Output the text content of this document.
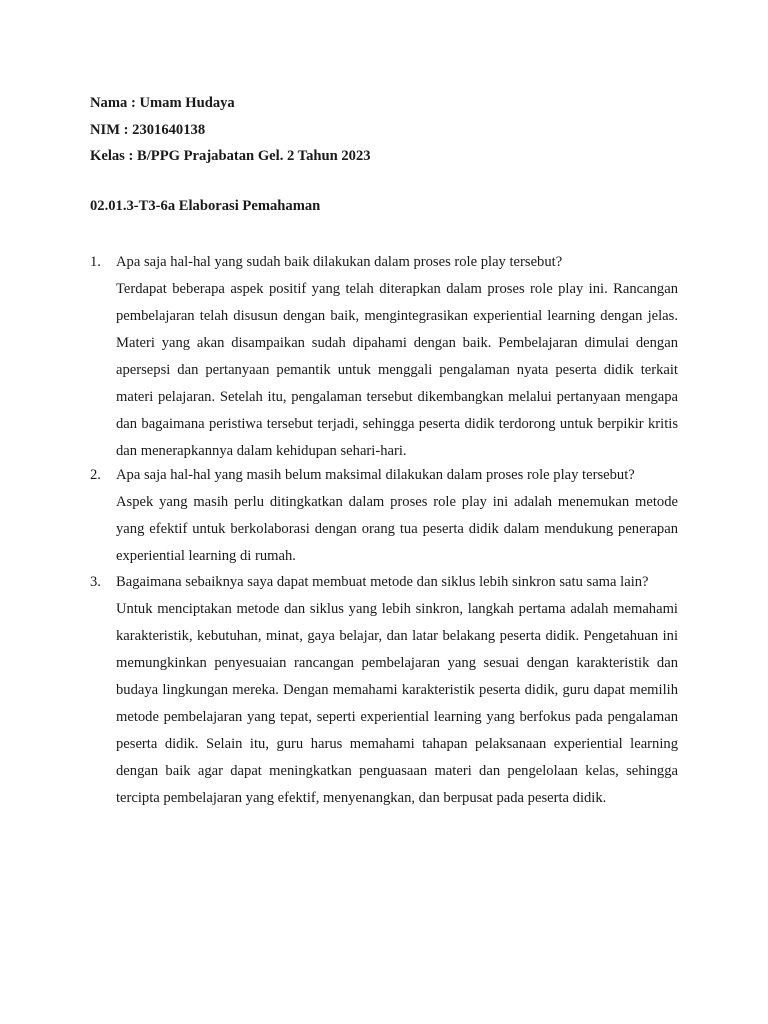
Nama : Umam Hudaya
NIM : 2301640138
Kelas : B/PPG Prajabatan Gel. 2 Tahun 2023
02.01.3-T3-6a Elaborasi Pemahaman
1. Apa saja hal-hal yang sudah baik dilakukan dalam proses role play tersebut?
Terdapat beberapa aspek positif yang telah diterapkan dalam proses role play ini. Rancangan pembelajaran telah disusun dengan baik, mengintegrasikan experiential learning dengan jelas. Materi yang akan disampaikan sudah dipahami dengan baik. Pembelajaran dimulai dengan apersepsi dan pertanyaan pemantik untuk menggali pengalaman nyata peserta didik terkait materi pelajaran. Setelah itu, pengalaman tersebut dikembangkan melalui pertanyaan mengapa dan bagaimana peristiwa tersebut terjadi, sehingga peserta didik terdorong untuk berpikir kritis dan menerapkannya dalam kehidupan sehari-hari.
2. Apa saja hal-hal yang masih belum maksimal dilakukan dalam proses role play tersebut?
Aspek yang masih perlu ditingkatkan dalam proses role play ini adalah menemukan metode yang efektif untuk berkolaborasi dengan orang tua peserta didik dalam mendukung penerapan experiential learning di rumah.
3. Bagaimana sebaiknya saya dapat membuat metode dan siklus lebih sinkron satu sama lain?
Untuk menciptakan metode dan siklus yang lebih sinkron, langkah pertama adalah memahami karakteristik, kebutuhan, minat, gaya belajar, dan latar belakang peserta didik. Pengetahuan ini memungkinkan penyesuaian rancangan pembelajaran yang sesuai dengan karakteristik dan budaya lingkungan mereka. Dengan memahami karakteristik peserta didik, guru dapat memilih metode pembelajaran yang tepat, seperti experiential learning yang berfokus pada pengalaman peserta didik. Selain itu, guru harus memahami tahapan pelaksanaan experiential learning dengan baik agar dapat meningkatkan penguasaan materi dan pengelolaan kelas, sehingga tercipta pembelajaran yang efektif, menyenangkan, dan berpusat pada peserta didik.
